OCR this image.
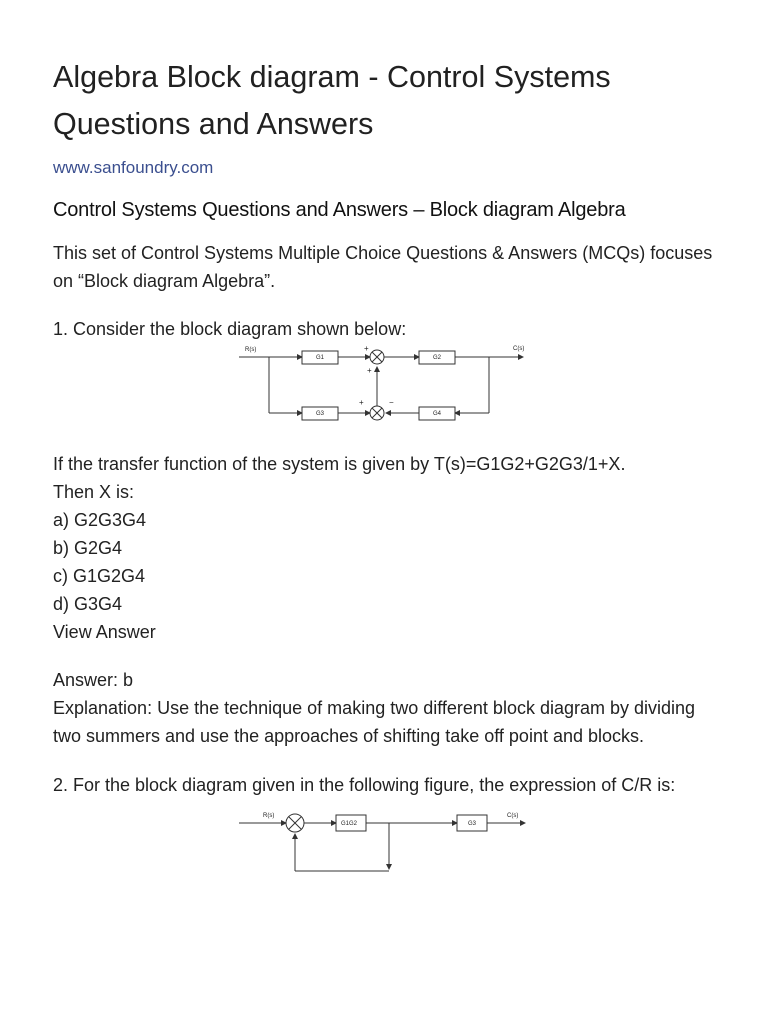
Algebra Block diagram - Control Systems Questions and Answers
www.sanfoundry.com
Control Systems Questions and Answers – Block diagram Algebra

This set of Control Systems Multiple Choice Questions & Answers (MCQs) focuses on “Block diagram Algebra”.

1. Consider the block diagram shown below:

R(s)
G1
+
+
G2
C(s)
G3
+	−
G4
If the transfer function of the system is given by T(s)=G1G2+G2G3/1+X.
Then X is:
a) G2G3G4
b) G2G4
c) G1G2G4
d) G3G4
View Answer
Answer: b
Explanation: Use the technique of making two different block diagram by dividing two summers and use the approaches of shifting take off point and blocks.

2. For the block diagram given in the following figure, the expression of C/R is:

R(s)
G1G2	G3
C(s)
